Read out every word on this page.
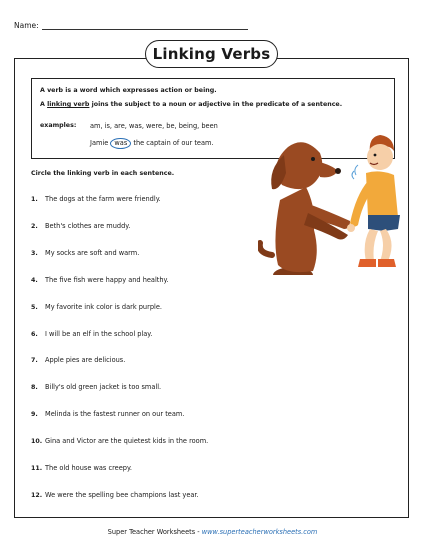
Name:
Linking Verbs
A verb is a word which expresses action or being.
A linking verb joins the subject to a noun or adjective in the predicate of a sentence.
examples: am, is, are, was, were, be, being, been
Jamie was the captain of our team.
Circle the linking verb in each sentence.
1. The dogs at the farm were friendly.
2. Beth's clothes are muddy.
3. My socks are soft and warm.
4. The five fish were happy and healthy.
5. My favorite ink color is dark purple.
6. I will be an elf in the school play.
7. Apple pies are delicious.
8. Billy's old green jacket is too small.
9. Melinda is the fastest runner on our team.
10. Gina and Victor are the quietest kids in the room.
11. The old house was creepy.
12. We were the spelling bee champions last year.
Super Teacher Worksheets - www.superteacherworksheets.com
